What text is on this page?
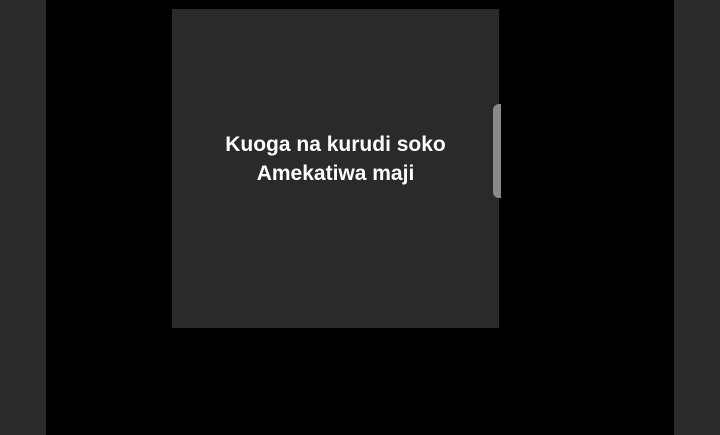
Kuoga na kurudi soko
Amekatiwa maji
